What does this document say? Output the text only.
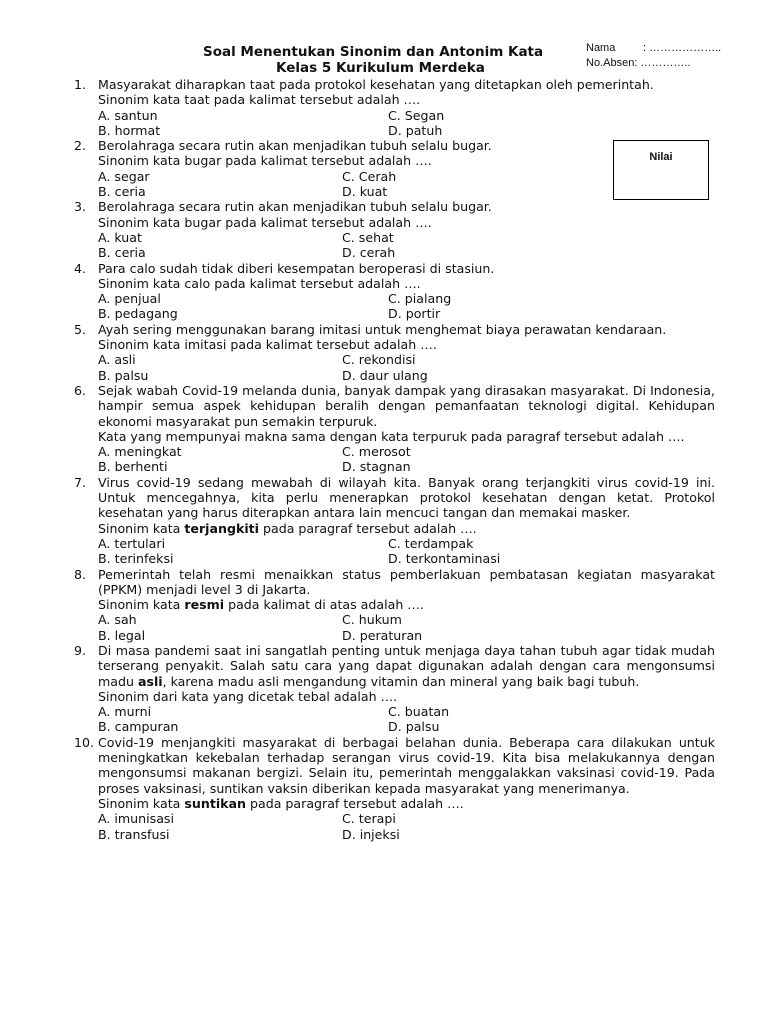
Soal Menentukan Sinonim dan Antonim Kata
Kelas 5 Kurikulum Merdeka
Nama	: ………………..
No.Absen : …………..
Nilai
1. Masyarakat diharapkan taat pada protokol kesehatan yang ditetapkan oleh pemerintah.
Sinonim kata taat pada kalimat tersebut adalah ….
A. santun	C. Segan
B. hormat	D. patuh
2. Berolahraga secara rutin akan menjadikan tubuh selalu bugar.
Sinonim kata bugar pada kalimat tersebut adalah ….
A. segar	C. Cerah
B. ceria	D. kuat
3. Berolahraga secara rutin akan menjadikan tubuh selalu bugar.
Sinonim kata bugar pada kalimat tersebut adalah ….
A. kuat	C. sehat
B. ceria	D. cerah
4. Para calo sudah tidak diberi kesempatan beroperasi di stasiun.
Sinonim kata calo pada kalimat tersebut adalah ….
A. penjual	C. pialang
B. pedagang	D. portir
5. Ayah sering menggunakan barang imitasi untuk menghemat biaya perawatan kendaraan.
Sinonim kata imitasi pada kalimat tersebut adalah ….
A. asli	C. rekondisi
B. palsu	D. daur ulang
6. Sejak wabah Covid-19 melanda dunia, banyak dampak yang dirasakan masyarakat. Di Indonesia, hampir semua aspek kehidupan beralih dengan pemanfaatan teknologi digital. Kehidupan ekonomi masyarakat pun semakin terpuruk.
Kata yang mempunyai makna sama dengan kata terpuruk pada paragraf tersebut adalah ….
A. meningkat	C. merosot
B. berhenti	D. stagnan
7. Virus covid-19 sedang mewabah di wilayah kita. Banyak orang terjangkiti virus covid-19 ini. Untuk mencegahnya, kita perlu menerapkan protokol kesehatan dengan ketat. Protokol kesehatan yang harus diterapkan antara lain mencuci tangan dan memakai masker.
Sinonim kata terjangkiti pada paragraf tersebut adalah ….
A. tertulari	C. terdampak
B. terinfeksi	D. terkontaminasi
8. Pemerintah telah resmi menaikkan status pemberlakuan pembatasan kegiatan masyarakat (PPKM) menjadi level 3 di Jakarta.
Sinonim kata resmi pada kalimat di atas adalah ….
A. sah	C. hukum
B. legal	D. peraturan
9. Di masa pandemi saat ini sangatlah penting untuk menjaga daya tahan tubuh agar tidak mudah terserang penyakit. Salah satu cara yang dapat digunakan adalah dengan cara mengonsumsi madu asli, karena madu asli mengandung vitamin dan mineral yang baik bagi tubuh.
Sinonim dari kata yang dicetak tebal adalah ….
A. murni	C. buatan
B. campuran	D. palsu
10. Covid-19 menjangkiti masyarakat di berbagai belahan dunia. Beberapa cara dilakukan untuk meningkatkan kekebalan terhadap serangan virus covid-19. Kita bisa melakukannya dengan mengonsumsi makanan bergizi. Selain itu, pemerintah menggalakkan vaksinasi covid-19. Pada proses vaksinasi, suntikan vaksin diberikan kepada masyarakat yang menerimanya.
Sinonim kata suntikan pada paragraf tersebut adalah ….
A. imunisasi	C. terapi
B. transfusi	D. injeksi
